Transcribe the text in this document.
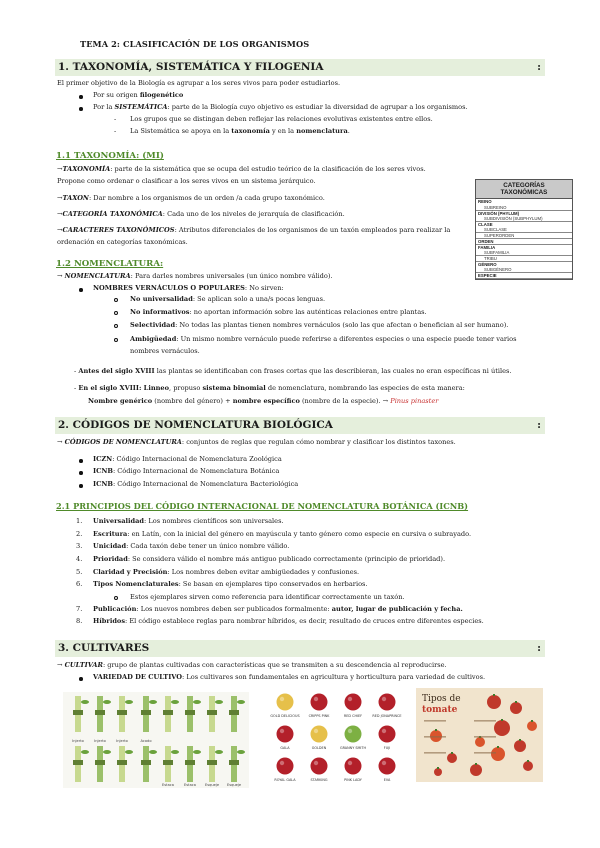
TEMA 2: CLASIFICACIÓN DE LOS ORGANISMOS
1. TAXONOMÍA, SISTEMÁTICA Y FILOGENIA	:
El primer objetivo de la Biología es agrupar a los seres vivos para poder estudiarlos.
Por su origen filogenético
Por la SISTEMÁTICA: parte de la Biología cuyo objetivo es estudiar la diversidad de agrupar a los organismos.
- Los grupos que se distingan deben reflejar las relaciones evolutivas existentes entre ellos.
- La Sistemática se apoya en la taxonomía y en la nomenclatura.
1.1 TAXONOMÍA: (MI)
→TAXONOMÍA: parte de la sistemática que se ocupa del estudio teórico de la clasificación de los seres vivos.
Propone como ordenar o clasificar a los seres vivos en un sistema jerárquico.
→TAXON: Dar nombre a los organismos de un orden /a cada grupo taxonómico.
→CATEGORÍA TAXONÓMICA: Cada uno de los niveles de jerarquía de clasificación.
→CARACTERES TAXONÓMICOS: Atributos diferenciales de los organismos de un taxón empleados para realizar la
ordenación en categorías taxonómicas.
CATEGORÍAS
TAXONÓMICAS
REINO
SUBREINO
DIVISIÓN (PHYLUM)
SUBDIVISIÓN (SUBPHYLUM)
CLASE
SUBCLASE
SUPERORDEN
ORDEN
FAMILIA
SUBFAMILIA
TRIBU
GÉNERO
SUBGÉNERO
ESPECIE
1.2 NOMENCLATURA:
→ NOMENCLATURA: Para darles nombres universales (un único nombre válido).
NOMBRES VERNÁCULOS O POPULARES: No sirven:
No universalidad: Se aplican solo a una/s pocas lenguas.
No informativos: no aportan información sobre las auténticas relaciones entre plantas.
Selectividad: No todas las plantas tienen nombres vernáculos (solo las que afectan o benefician al ser humano).
Ambigüedad: Un mismo nombre vernáculo puede referirse a diferentes especies o una especie puede tener varios
nombres vernáculos.
- Antes del siglo XVIII las plantas se identificaban con frases cortas que las describieran, las cuales no eran específicas ni útiles.
- En el siglo XVIII: Linneo, propuso sistema binomial de nomenclatura, nombrando las especies de esta manera:
Nombre genérico (nombre del género) + nombre específico (nombre de la especie). → Pinus pinaster
2. CÓDIGOS DE NOMENCLATURA BIOLÓGICA	:
→ CÓDIGOS DE NOMENCLATURA: conjuntos de reglas que regulan cómo nombrar y clasificar los distintos taxones.
ICZN: Código Internacional de Nomenclatura Zoológica
ICNB: Código Internacional de Nomenclatura Botánica
ICNB: Código Internacional de Nomenclatura Bacteriológica
2.1 PRINCIPIOS DEL CÓDIGO INTERNACIONAL DE NOMENCLATURA BOTÁNICA (ICNB)
1. Universalidad: Los nombres científicos son universales.
2. Escritura: en Latín, con la inicial del género en mayúscula y tanto género como especie en cursiva o subrayado.
3. Unicidad: Cada taxón debe tener un único nombre válido.
4. Prioridad: Se considera válido el nombre más antiguo publicado correctamente (principio de prioridad).
5. Claridad y Precisión: Los nombres deben evitar ambigüedades y confusiones.
6. Tipos Nomenclaturales: Se basan en ejemplares tipo conservados en herbarios.
7. Publicación: Los nuevos nombres deben ser publicados formalmente: autor, lugar de publicación y fecha.
8. Híbridos: El código establece reglas para nombrar híbridos, es decir, resultado de cruces entre diferentes especies.
Estos ejemplares sirven como referencia para identificar correctamente un taxón.
3. CULTIVARES	:
→ CULTIVAR: grupo de plantas cultivadas con características que se transmiten a su descendencia al reproducirse.
VARIEDAD DE CULTIVO: Los cultivares son fundamentales en agricultura y horticultura para variedad de cultivos.
Injerto	Injerto	Injerto	Acodo
Estaca	Estaca Esqueje Esqueje
GOLD DELICIOUS	CRIPPS PINK	RED CHIEF	RED JONAPRINCE
GALA	GOLDEN	GRANNY SMITH	FUJI
ROYAL GALA	STARKING	PINK LADY	EVA
Tipos de
tomate
